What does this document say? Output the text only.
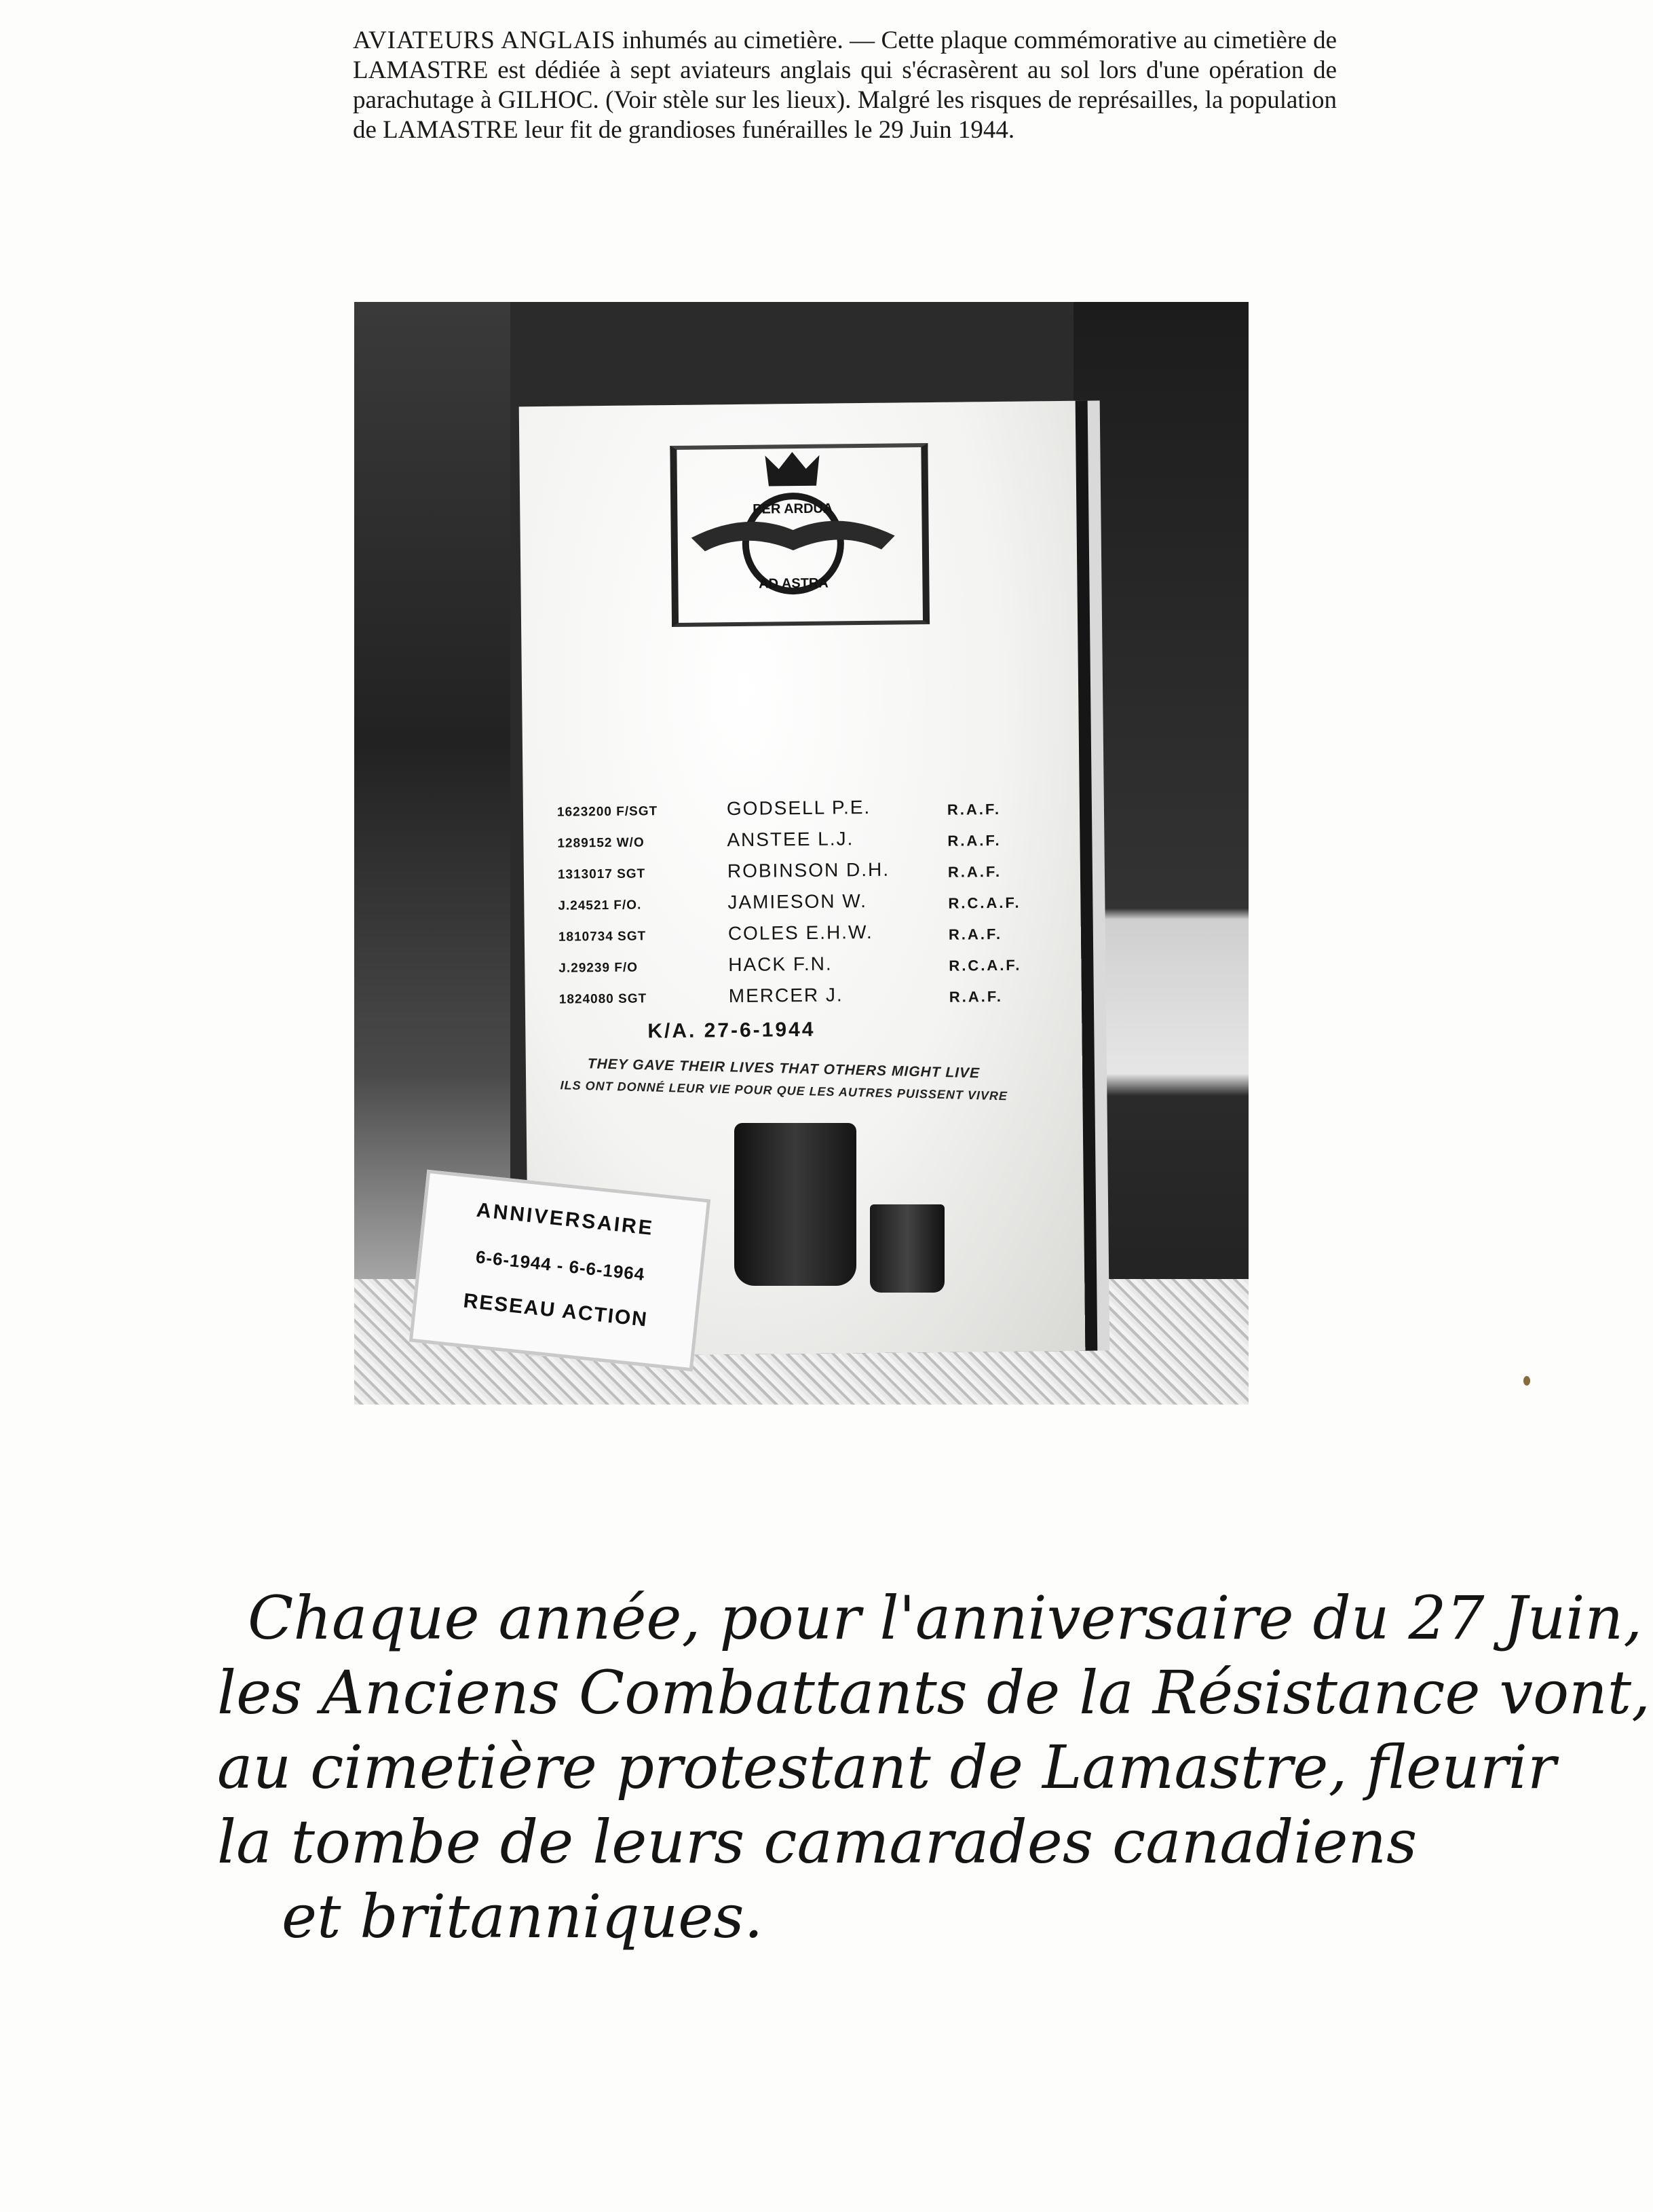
AVIATEURS ANGLAIS inhumés au cimetière. — Cette plaque commémorative au cimetière de LAMASTRE est dédiée à sept aviateurs anglais qui s'écrasèrent au sol lors d'une opération de parachutage à GILHOC. (Voir stèle sur les lieux). Malgré les risques de représailles, la population de LAMASTRE leur fit de grandioses funérailles le 29 Juin 1944.
PER ARDUA
AD ASTRA
1623200 F/SGT	GODSELL P.E.	R.A.F.
1289152 W/O	ANSTEE L.J.	R.A.F.
1313017 SGT	ROBINSON D.H.	R.A.F.
J.24521 F/O.	JAMIESON W.	R.C.A.F.
1810734 SGT	COLES E.H.W.	R.A.F.
J.29239 F/O	HACK F.N.	R.C.A.F.
1824080 SGT	MERCER J.	R.A.F.
K/A. 27-6-1944
THEY GAVE THEIR LIVES THAT OTHERS MIGHT LIVE
ILS ONT DONNÉ LEUR VIE POUR QUE LES AUTRES PUISSENT VIVRE
ANNIVERSAIRE
6-6-1944 - 6-6-1964
RESEAU ACTION
Chaque année, pour l'anniversaire du 27 Juin,
les Anciens Combattants de la Résistance vont,
au cimetière protestant de Lamastre, fleurir
la tombe de leurs camarades canadiens
et britanniques.
